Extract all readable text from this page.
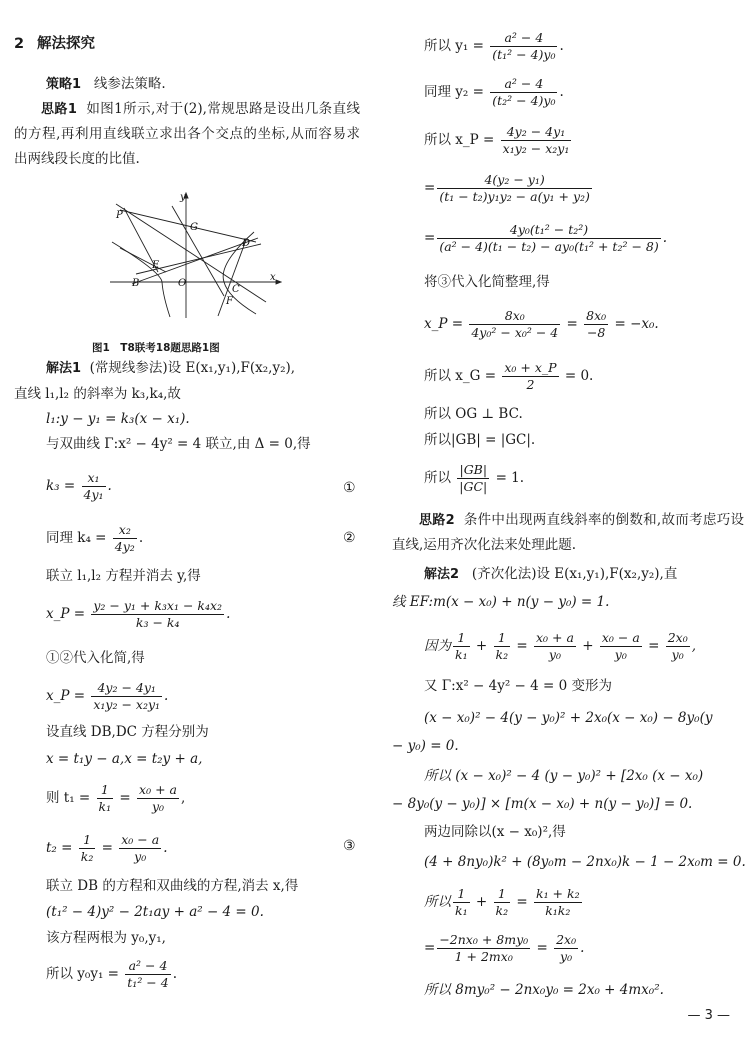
2 解法探究
策略1 线参法策略.
思路1 如图1所示,对于(2),常规思路是设出几条直线的方程,再利用直线联立求出各个交点的坐标,从而容易求出两线段长度的比值.
P
G
y
D
E
B	O
C
x
F
图1　T8联考18题思路1图
解法1 (常规线参法)设 E(x₁,y₁),F(x₂,y₂),
直线 l₁,l₂ 的斜率为 k₃,k₄,故
l₁:y − y₁ = k₃(x − x₁).
与双曲线 Γ:x² − 4y² = 4 联立,由 Δ = 0,得
$k_3 = \frac{\text{x₁}}{\text{4y₁}}$ .	①
同理 $k_4 = \frac{\text{x₂}}{\text{4y₂}}$ .	②
联立 l₁,l₂ 方程并消去 y,得
x_P = $\frac{\text{y₂ − y₁ + k₃x₁ − k₄x₂}}{\text{k₃ − k₄}}$ .
①②代入化简,得
x_P = $\frac{\text{4y₂ − 4y₁}}{\text{x₁y₂ − x₂y₁}}$ .
设直线 DB,DC 方程分别为
x = t₁y − a,x = t₂y + a,
则 $t_1 = \frac{1}{\text{k₁}} = \frac{\text{x₀ + a}}{\text{y₀}}$ ,
$t_2 = \frac{1}{\text{k₂}} = \frac{\text{x₀ − a}}{\text{y₀}}$ .	③
联立 DB 的方程和双曲线的方程,消去 x,得
(t₁² − 4)y² − 2t₁ay + a² − 4 = 0.
该方程两根为 y₀,y₁,
所以 $y_0y_1 = \frac{\text{a² − 4}}{\text{t₁² − 4}}$ .
所以 $y_1 = \frac{\text{a² − 4}}{\text{(t₁² − 4)y₀}}$ .
同理 $y_2 = \frac{\text{a² − 4}}{\text{(t₂² − 4)y₀}}$ .
所以 x_P = $\frac{\text{4y₂ − 4y₁}}{\text{x₁y₂ − x₂y₁}}$
= $\frac{\text{4(y₂ − y₁)}}{\text{(t₁ − t₂)y₁y₂ − a(y₁ + y₂)}}$
= $\frac{\text{4y₀(t₁² − t₂²)}}{\text{(a² − 4)(t₁ − t₂) − ay₀(t₁² + t₂² − 8)}}$ .
将③代入化简整理,得
x_P = $\frac{\text{8x₀}}{\text{4y₀² − x₀² − 4}} = \frac{\text{8x₀}}{-8} = -x_0$.
所以 x_G = $\frac{\text{x₀ + x\_P}}{2} = 0$.
所以 OG ⊥ BC.
所以|GB| = |GC|.
所以 $\frac{|GB|}{|GC|} = 1$.
思路2 条件中出现两直线斜率的倒数和,故而考虑巧设直线,运用齐次化法来处理此题.
解法2 (齐次化法)设 E(x₁,y₁),F(x₂,y₂),直
线 EF:m(x − x₀) + n(y − y₀) = 1.
因为 $\frac{1}{\text{k₁}} + \frac{1}{\text{k₂}} = \frac{\text{x₀ + a}}{\text{y₀}} + \frac{\text{x₀ − a}}{\text{y₀}} = \frac{\text{2x₀}}{\text{y₀}}$ ,
又 Γ:x² − 4y² − 4 = 0 变形为
(x − x₀)² − 4(y − y₀)² + 2x₀(x − x₀) − 8y₀(y
− y₀) = 0.
所以 (x − x₀)² − 4 (y − y₀)² + [2x₀ (x − x₀)
− 8y₀(y − y₀)] × [m(x − x₀) + n(y − y₀)] = 0.
两边同除以(x − x₀)²,得
(4 + 8ny₀)k² + (8y₀m − 2nx₀)k − 1 − 2x₀m = 0.
所以 $\frac{1}{\text{k₁}} + \frac{1}{\text{k₂}} = \frac{\text{k₁ + k₂}}{\text{k₁k₂}}$
= $\frac{\text{−2nx₀ + 8my₀}}{\text{1 + 2mx₀}} = \frac{\text{2x₀}}{\text{y₀}}$ .
所以 8my₀² − 2nx₀y₀ = 2x₀ + 4mx₀².
— 3 —
